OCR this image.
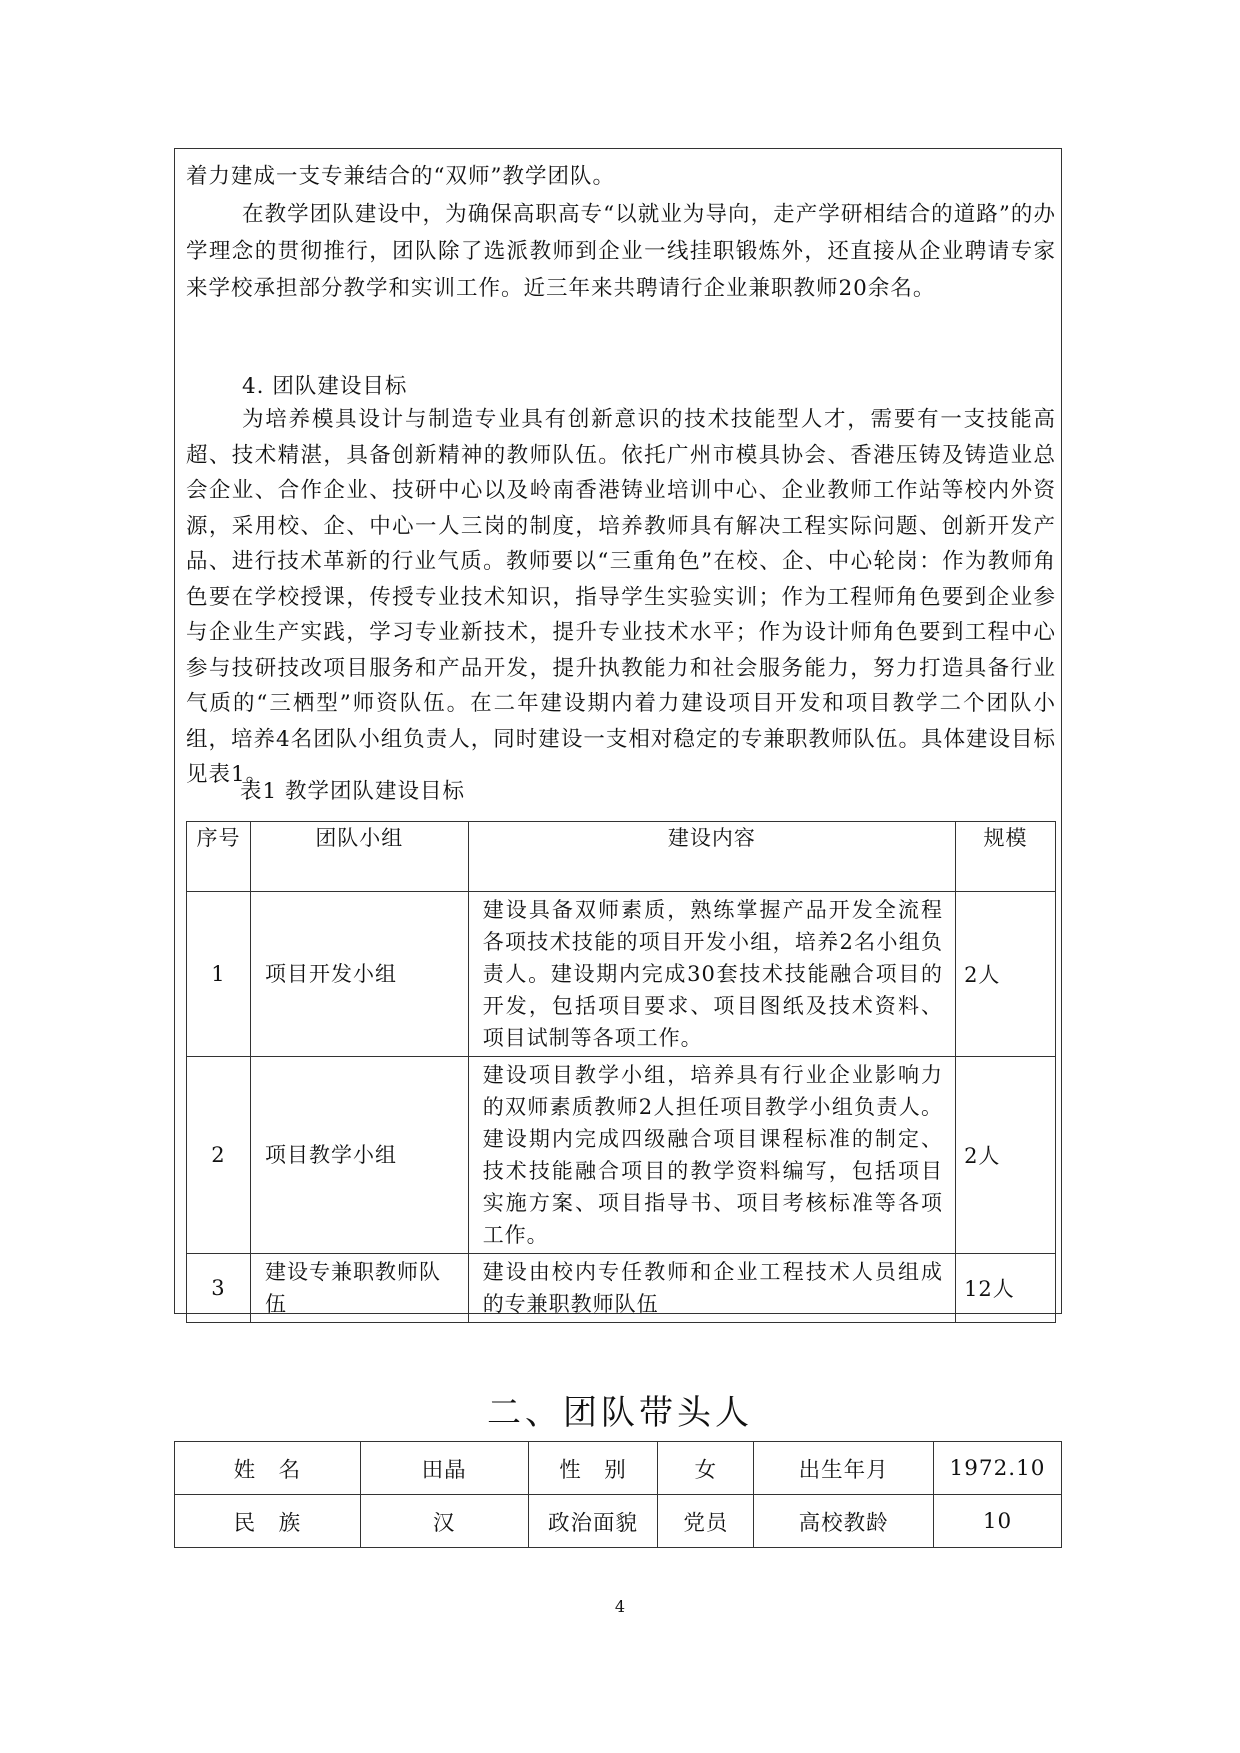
着力建成一支专兼结合的“双师”教学团队。

在教学团队建设中，为确保高职高专“以就业为导向，走产学研相结合的道路”的办学理念的贯彻推行，团队除了选派教师到企业一线挂职锻炼外，还直接从企业聘请专家来学校承担部分教学和实训工作。近三年来共聘请行企业兼职教师20余名。

4. 团队建设目标

为培养模具设计与制造专业具有创新意识的技术技能型人才，需要有一支技能高超、技术精湛，具备创新精神的教师队伍。依托广州市模具协会、香港压铸及铸造业总会企业、合作企业、技研中心以及岭南香港铸业培训中心、企业教师工作站等校内外资源，采用校、企、中心一人三岗的制度，培养教师具有解决工程实际问题、创新开发产品、进行技术革新的行业气质。教师要以“三重角色”在校、企、中心轮岗：作为教师角色要在学校授课，传授专业技术知识，指导学生实验实训；作为工程师角色要到企业参与企业生产实践，学习专业新技术，提升专业技术水平；作为设计师角色要到工程中心参与技研技改项目服务和产品开发，提升执教能力和社会服务能力，努力打造具备行业气质的“三栖型”师资队伍。在二年建设期内着力建设项目开发和项目教学二个团队小组，培养4名团队小组负责人，同时建设一支相对稳定的专兼职教师队伍。具体建设目标见表1。

表1 教学团队建设目标

序号	团队小组	建设内容	规模
1	项目开发小组	建设具备双师素质，熟练掌握产品开发全流程各项技术技能的项目开发小组，培养2名小组负责人。建设期内完成30套技术技能融合项目的开发，包括项目要求、项目图纸及技术资料、项目试制等各项工作。	2人
2	项目教学小组	建设项目教学小组，培养具有行业企业影响力的双师素质教师2人担任项目教学小组负责人。建设期内完成四级融合项目课程标准的制定、技术技能融合项目的教学资料编写，包括项目实施方案、项目指导书、项目考核标准等各项工作。	2人
3	建设专兼职教师队伍	建设由校内专任教师和企业工程技术人员组成的专兼职教师队伍	12人
二、团队带头人
姓　名	田晶	性　别	女	出生年月	1972.10
民　族	汉	政治面貌	党员	高校教龄	10
4
